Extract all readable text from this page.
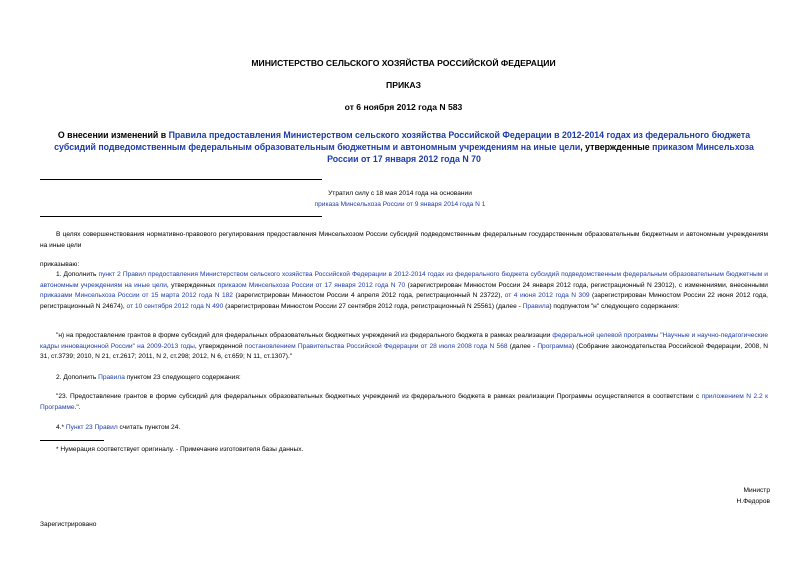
МИНИСТЕРСТВО СЕЛЬСКОГО ХОЗЯЙСТВА РОССИЙСКОЙ ФЕДЕРАЦИИ
ПРИКАЗ
от 6 ноября 2012 года N 583
О внесении изменений в Правила предоставления Министерством сельского хозяйства Российской Федерации в 2012-2014 годах из федерального бюджета субсидий подведомственным федеральным образовательным бюджетным и автономным учреждениям на иные цели, утвержденные приказом Минсельхоза России от 17 января 2012 года N 70
Утратил силу с 18 мая 2014 года на основании
приказа Минсельхоза России от 9 января 2014 года N 1
В целях совершенствования нормативно-правового регулирования предоставления Минсельхозом России субсидий подведомственным федеральным государственным образовательным бюджетным и автономным учреждениям на иные цели
приказываю:
1. Дополнить пункт 2 Правил предоставления Министерством сельского хозяйства Российской Федерации в 2012-2014 годах из федерального бюджета субсидий подведомственным федеральным образовательным бюджетным и автономным учреждениям на иные цели, утвержденных приказом Минсельхоза России от 17 января 2012 года N 70 (зарегистрирован Минюстом России 24 января 2012 года, регистрационный N 23012), с изменениями, внесенными приказами Минсельхоза России от 15 марта 2012 года N 182 (зарегистрирован Минюстом России 4 апреля 2012 года, регистрационный N 23722), от 4 июня 2012 года N 309 (зарегистрирован Минюстом России 22 июня 2012 года, регистрационный N 24674), от 10 сентября 2012 года N 490 (зарегистрирован Минюстом России 27 сентября 2012 года, регистрационный N 25561) (далее - Правила) подпунктом "н" следующего содержания:
"н) на предоставление грантов в форме субсидий для федеральных образовательных бюджетных учреждений из федерального бюджета в рамках реализации федеральной целевой программы "Научные и научно-педагогические кадры инновационной России" на 2009-2013 годы, утвержденной постановлением Правительства Российской Федерации от 28 июля 2008 года N 568 (далее - Программа) (Собрание законодательства Российской Федерации, 2008, N 31, ст.3739; 2010, N 21, ст.2617; 2011, N 2, ст.298; 2012, N 6, ст.659; N 11, ст.1307)."
2. Дополнить Правила пунктом 23 следующего содержания:
"23. Предоставление грантов в форме субсидий для федеральных образовательных бюджетных учреждений из федерального бюджета в рамках реализации Программы осуществляется в соответствии с приложением N 2.2 к Программе.".
4.* Пункт 23 Правил считать пунктом 24.
* Нумерация соответствует оригиналу. - Примечание изготовителя базы данных.
Министр
Н.Федоров
Зарегистрировано
